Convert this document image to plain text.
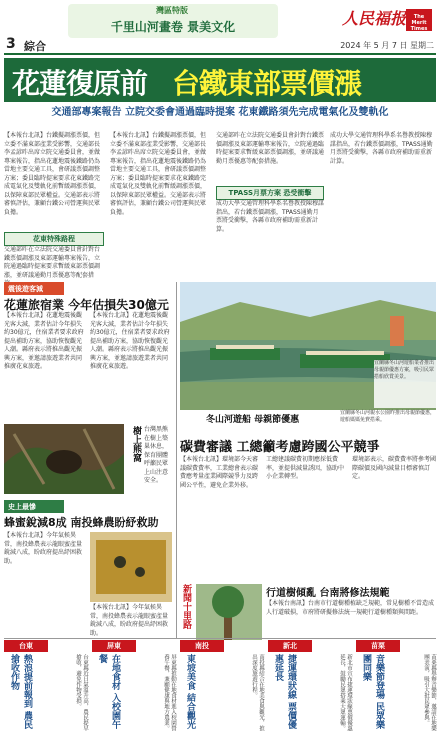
3 綜合
灣區特版
千里山河畫卷 景美文化	人民福报	The Merit Times
2024 年 5 月 7 日 星期二
花蓮復原前 台鐵東部票價漲
交通部專案報告 立院交委會通過臨時提案 花東鐵路須先完成電氣化及雙軌化
【本報台北訊】台鐵擬調漲票價，但立委不滿東部產業受影響，交通部長李孟諺昨出席立院交通委員會，並做專案報告，指出花蓮地震後鐵路仍為當地主要交通工具，會研議票價調整方案；委員臨時提案要求花東鐵路完成電氣化及雙軌化前暫緩調漲票價，以保障東部民眾權益。交通部表示將審慎評估，兼顧台鐵公司營運與民眾負擔。
花東特殊路程
交通部昨在立法院交通委員會針對台鐵票價調漲及東部運輸專案報告，立院通過臨時提案要求暫緩東部票價調漲，並研議通勤月票優惠等配套措
【本報台北訊】台鐵擬調漲票價，但立委不滿東部產業受影響，交通部長李孟諺昨出席立院交通委員會，並做專案報告，指出花蓮地震後鐵路仍為當地主要交通工具，會研議票價調整方案；委員臨時提案要求花東鐵路完成電氣化及雙軌化前暫緩調漲票價，以保障東部民眾權益。交通部表示將審慎評估，兼顧台鐵公司營運與民眾負擔。
交通部昨在立法院交通委員會針對台鐵票價調漲及東部運輸專案報告，立院通過臨時提案要求暫緩東部票價調漲，並研議通勤月票優惠等配套措施。
TPASS月票方案 恐受衝擊
成功大學交通管理科學系名譽教授陳穆謀指出，若台鐵票價調漲，TPASS通勤月票將受衝擊，各縣市政府補助需重新計算。
成功大學交通管理科學系名譽教授陳穆謀指出，若台鐵票價調漲，TPASS通勤月票將受衝擊，各縣市政府補助需重新計算。
震後遊客減
花蓮旅宿業 今年估損失30億元
【本報台北訊】花蓮地震後觀光客大減，業者估計今年損失約30億元，住宿業者要求政府提出補助方案，協助恢復觀光人潮。縣府表示將推出觀光振興方案，並邀請旅遊業者共同推廣花東旅遊。
【本報台北訊】花蓮地震後觀光客大減，業者估計今年損失約30億元，住宿業者要求政府提出補助方案，協助恢復觀光人潮。縣府表示將推出觀光振興方案，並邀請旅遊業者共同推廣花東旅遊。
樹上熊窩 台灣黑熊在樹上築巢休息，保育團體呼籲民眾上山注意安全。
史上最慘
蜂蜜銳減8成 南投蜂農盼紓救助
【本報台北訊】今年氣候異常，南投蜂農表示龍眼蜜產量銳減八成，盼政府提出紓困救助。
【本報台北訊】今年氣候異常，南投蜂農表示龍眼蜜產量銳減八成，盼政府提出紓困救助。
冬山河遊船 母親節優惠
宜蘭縣冬山河親水公園昨推出母親節優惠，遊船媽媽免費搭乘。
宜蘭縣冬山河遊船業者推出母親節優惠方案，吸引民眾搭船欣賞美景。
碳費審議 工總籲考慮跨國公平競爭
【本報台北訊】環境部今天審議碳費費率，工業總會表示碳費應考量產業國際競爭力及跨國公平性，避免企業外移。
工總建議碳費初期應採低費率，並提供減量誘因，協助中小企業轉型。
環境部表示，碳費費率將參考國際碳價及國內減量目標審慎訂定。
新聞十里路	行道樹傾亂 台南將修法規範
【本報台南訊】台南市行道樹種植缺乏規範，常見樹種不當造成人行道破損，市府將研擬修法統一規範行道樹種類與間距。
台東	屏東	南投	新北	苗栗
熱浪提前報到 農民搶收作物	台東縣近日氣溫升高，農民提早搶收，避免作物受損。	在地食材 入校園午餐	屏東縣推動在地食材進入校園營養午餐，兼顧健康與地方農業。	東坡美食 結合觀光	南投縣結合在地美食與觀光，推出深度旅遊行程。	捷運環狀線 票價優惠延長	新北市宣布捷運環狀線票價優惠延長，鼓勵民眾搭乘大眾運輸。	音樂節登場 民眾樂團同樂	苗栗縣舉辦音樂節，邀請在地樂團表演，吸引大批民眾參與。
